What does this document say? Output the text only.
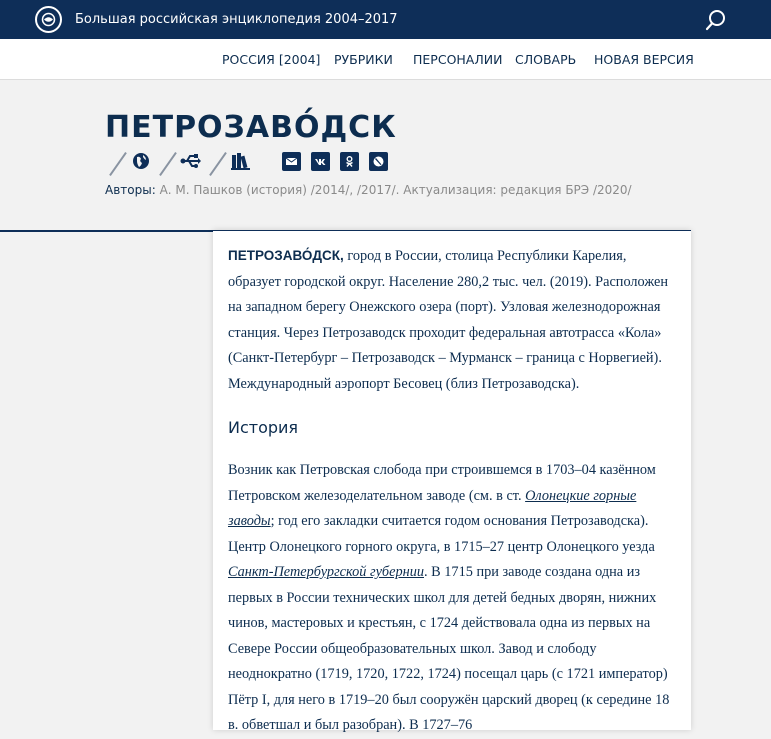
Большая российская энциклопедия 2004–2017
РОССИЯ [2004] РУБРИКИ ПЕРСОНАЛИИ СЛОВАРЬ НОВАЯ ВЕРСИЯ
ПЕТРОЗАВО́ДСК
Авторы: А. М. Пашков (история) /2014/, /2017/. Актуализация: редакция БРЭ /2020/

ПЕТРОЗАВО́ДСК, город в России, столица Республики Карелия, образует городской округ. Население 280,2 тыс. чел. (2019). Расположен на западном берегу Онежского озера (порт). Узловая железнодорожная станция. Через Петрозаводск проходит федеральная автотрасса «Кола» (Санкт-Петербург – Петрозаводск – Мурманск – граница с Норвегией). Международный аэропорт Бесовец (близ Петрозаводска).

История

Возник как Петровская слобода при строившемся в 1703–04 казённом Петровском железоделательном заводе (см. в ст. Олонецкие горные заводы; год его закладки считается годом основания Петрозаводска). Центр Олонецкого горного округа, в 1715–27 центр Олонецкого уезда Санкт-Петербургской губернии. В 1715 при заводе создана одна из первых в России технических школ для детей бедных дворян, нижних чинов, мастеровых и крестьян, с 1724 действовала одна из первых на Севере России общеобразовательных школ. Завод и слободу неоднократно (1719, 1720, 1722, 1724) посещал царь (с 1721 император) Пётр I, для него в 1719–20 был сооружён царский дворец (к середине 18 в. обветшал и был разобран). В 1727–76
